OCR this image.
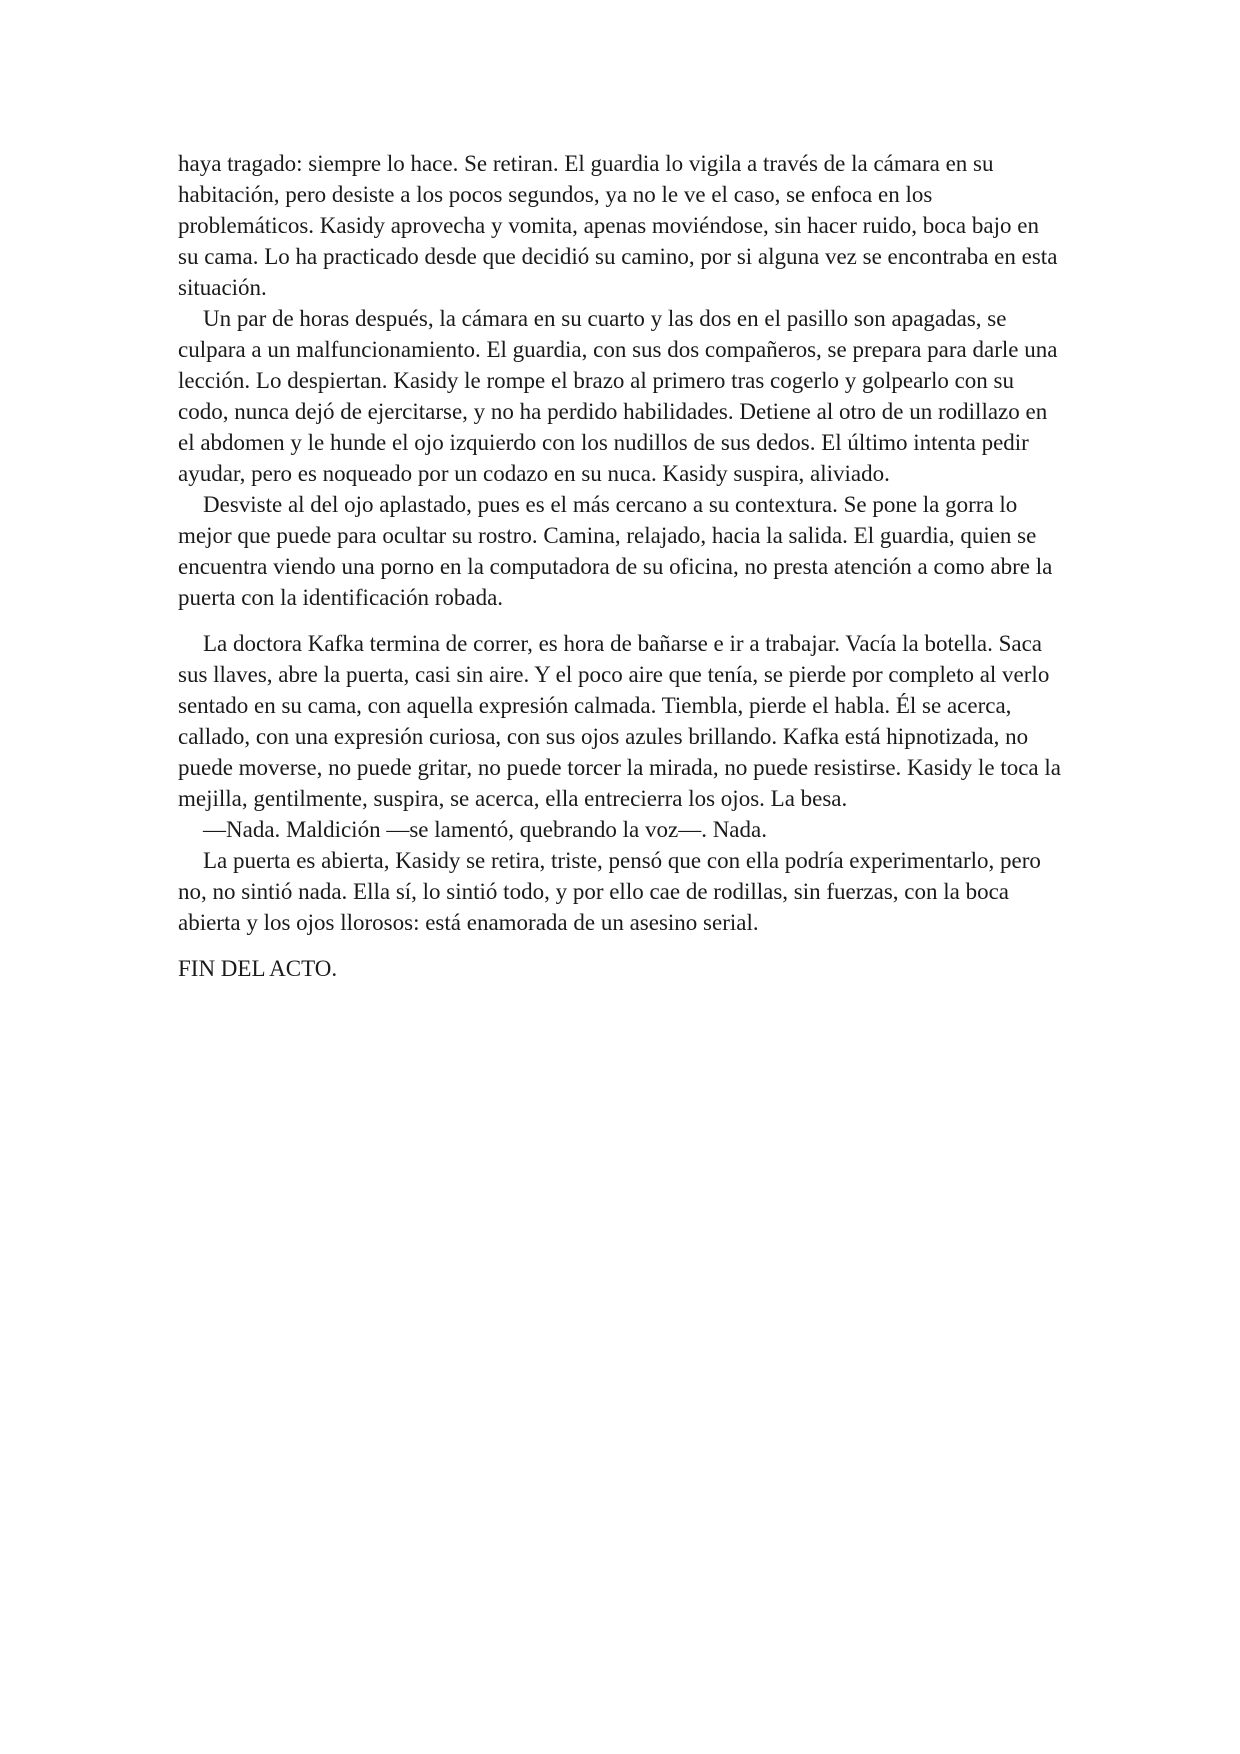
haya tragado: siempre lo hace. Se retiran. El guardia lo vigila a través de la cámara en su habitación, pero desiste a los pocos segundos, ya no le ve el caso, se enfoca en los problemáticos. Kasidy aprovecha y vomita, apenas moviéndose, sin hacer ruido, boca bajo en su cama. Lo ha practicado desde que decidió su camino, por si alguna vez se encontraba en esta situación.

Un par de horas después, la cámara en su cuarto y las dos en el pasillo son apagadas, se culpara a un malfuncionamiento. El guardia, con sus dos compañeros, se prepara para darle una lección. Lo despiertan. Kasidy le rompe el brazo al primero tras cogerlo y golpearlo con su codo, nunca dejó de ejercitarse, y no ha perdido habilidades. Detiene al otro de un rodillazo en el abdomen y le hunde el ojo izquierdo con los nudillos de sus dedos. El último intenta pedir ayudar, pero es noqueado por un codazo en su nuca. Kasidy suspira, aliviado.

Desviste al del ojo aplastado, pues es el más cercano a su contextura. Se pone la gorra lo mejor que puede para ocultar su rostro. Camina, relajado, hacia la salida. El guardia, quien se encuentra viendo una porno en la computadora de su oficina, no presta atención a como abre la puerta con la identificación robada.

La doctora Kafka termina de correr, es hora de bañarse e ir a trabajar. Vacía la botella. Saca sus llaves, abre la puerta, casi sin aire. Y el poco aire que tenía, se pierde por completo al verlo sentado en su cama, con aquella expresión calmada. Tiembla, pierde el habla. Él se acerca, callado, con una expresión curiosa, con sus ojos azules brillando. Kafka está hipnotizada, no puede moverse, no puede gritar, no puede torcer la mirada, no puede resistirse. Kasidy le toca la mejilla, gentilmente, suspira, se acerca, ella entrecierra los ojos. La besa.

—Nada. Maldición —se lamentó, quebrando la voz—. Nada.

La puerta es abierta, Kasidy se retira, triste, pensó que con ella podría experimentarlo, pero no, no sintió nada. Ella sí, lo sintió todo, y por ello cae de rodillas, sin fuerzas, con la boca abierta y los ojos llorosos: está enamorada de un asesino serial.

FIN DEL ACTO.
